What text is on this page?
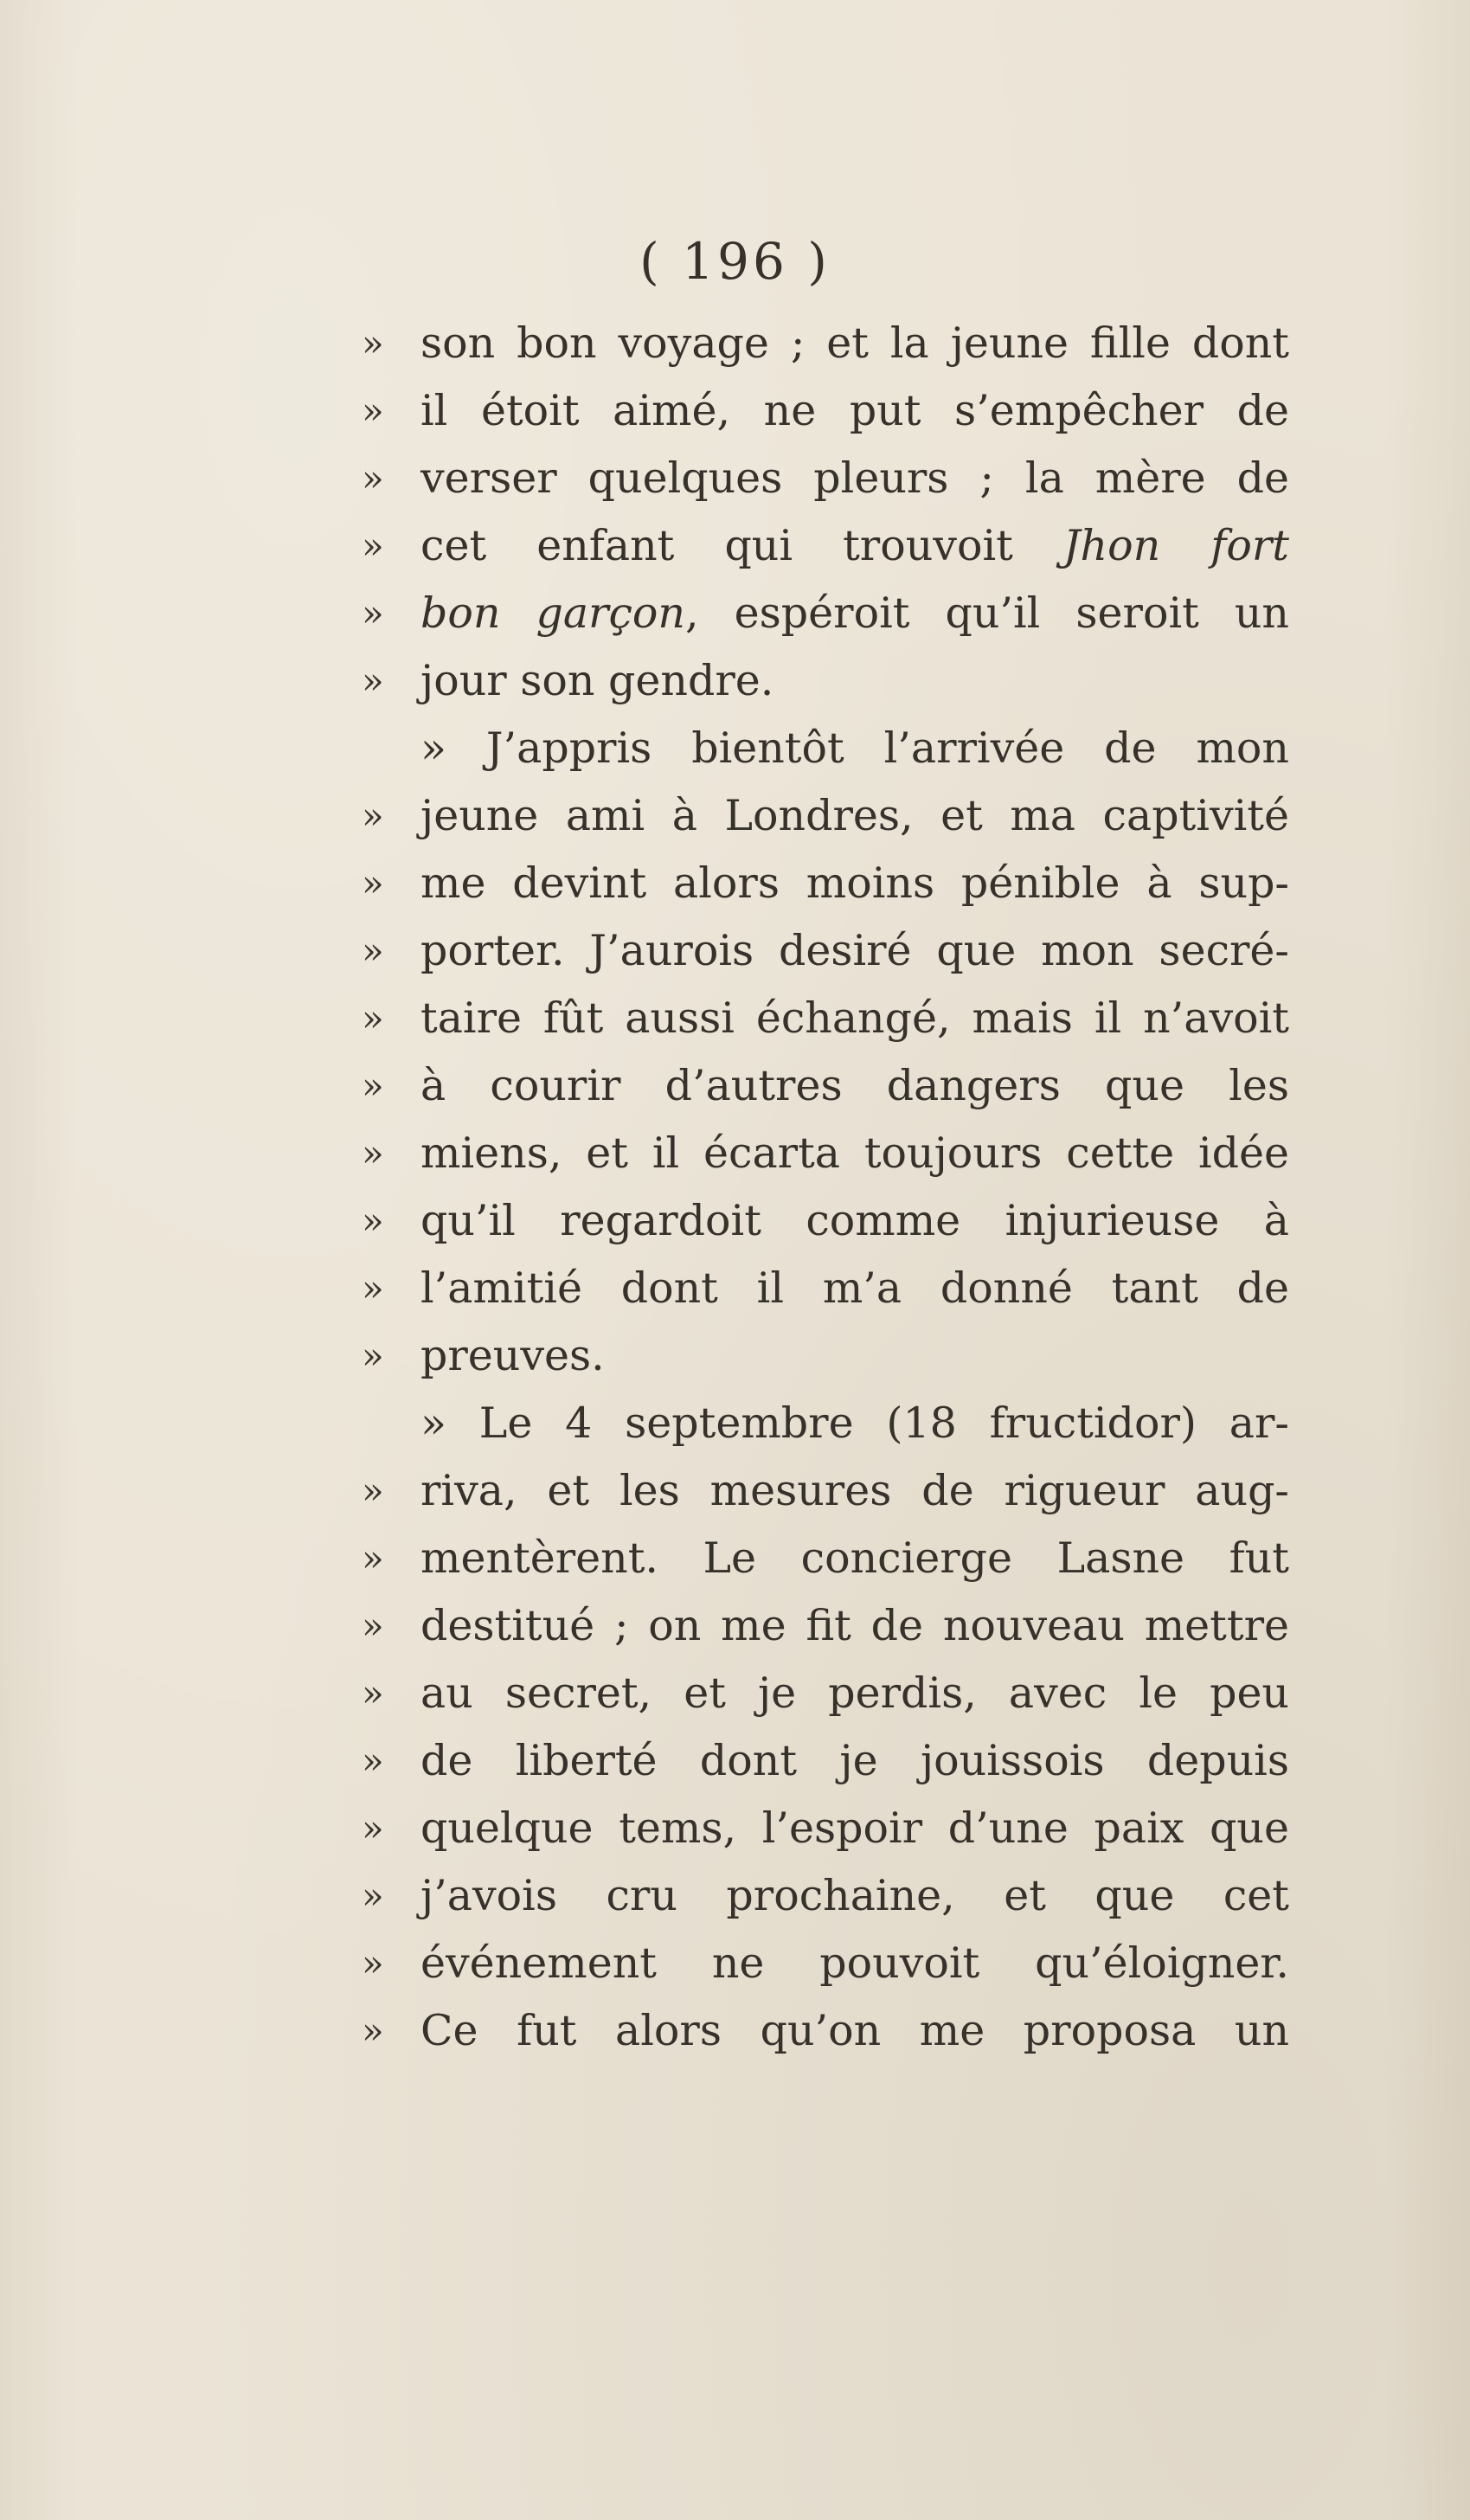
( 196 )
» son bon voyage ; et la jeune fille dont
» il étoit aimé, ne put s’empêcher de
» verser quelques pleurs ; la mère de
» cet enfant qui trouvoit Jhon fort
» bon garçon, espéroit qu’il seroit un
» jour son gendre.
» J’appris bientôt l’arrivée de mon
» jeune ami à Londres, et ma captivité
» me devint alors moins pénible à sup-
» porter. J’aurois desiré que mon secré-
» taire fût aussi échangé, mais il n’avoit
» à courir d’autres dangers que les
» miens, et il écarta toujours cette idée
» qu’il regardoit comme injurieuse à
» l’amitié dont il m’a donné tant de
» preuves.
» Le 4 septembre (18 fructidor) ar-
» riva, et les mesures de rigueur aug-
» mentèrent. Le concierge Lasne fut
» destitué ; on me fit de nouveau mettre
» au secret, et je perdis, avec le peu
» de liberté dont je jouissois depuis
» quelque tems, l’espoir d’une paix que
» j’avois cru prochaine, et que cet
» événement ne pouvoit qu’éloigner.
» Ce fut alors qu’on me proposa un
